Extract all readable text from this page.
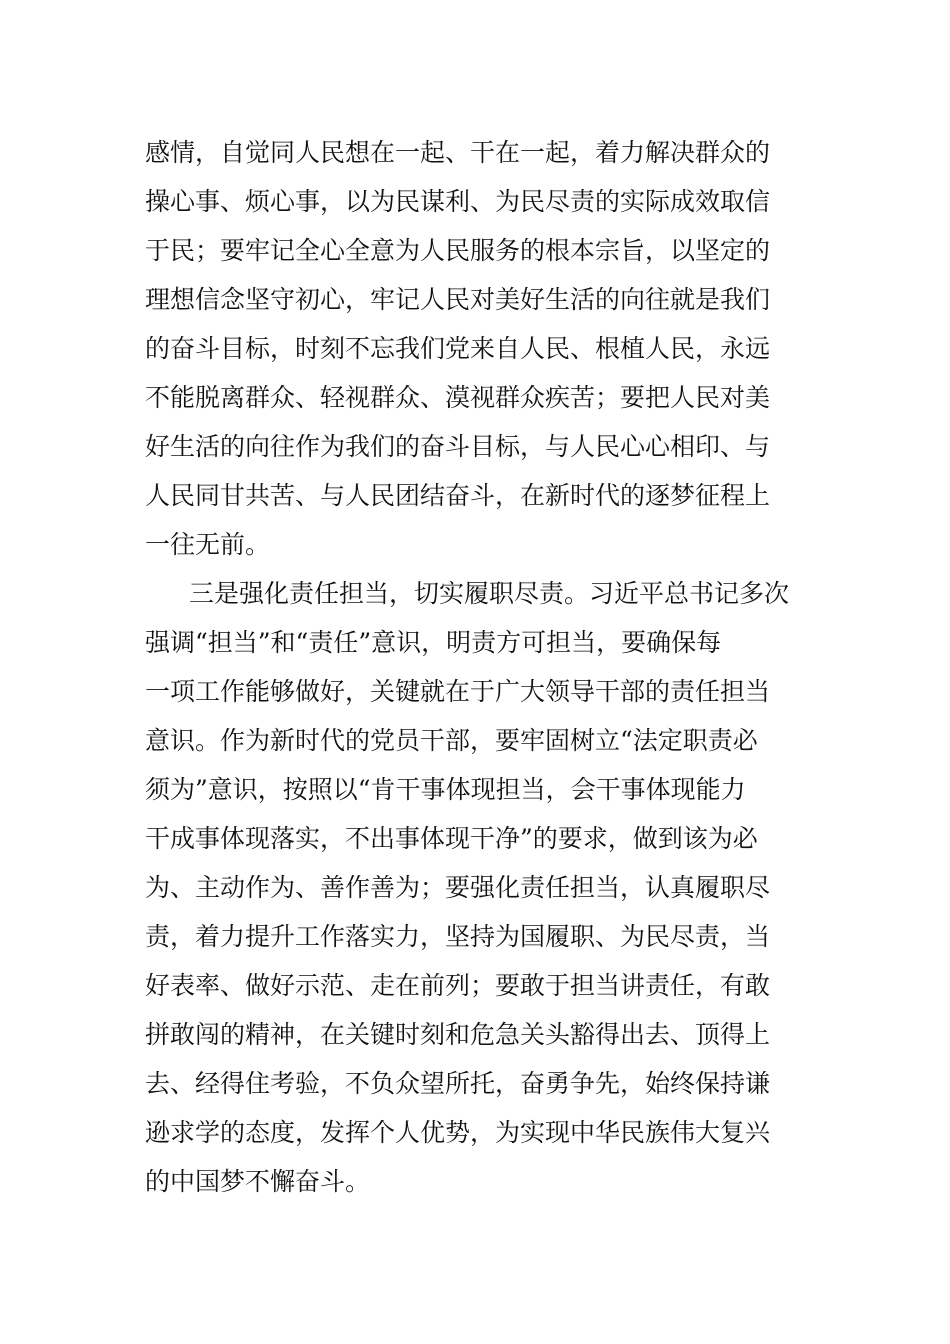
感情，自觉同人民想在一起、干在一起，着力解决群众的
操心事、烦心事，以为民谋利、为民尽责的实际成效取信
于民；要牢记全心全意为人民服务的根本宗旨，以坚定的
理想信念坚守初心，牢记人民对美好生活的向往就是我们
的奋斗目标，时刻不忘我们党来自人民、根植人民，永远
不能脱离群众、轻视群众、漠视群众疾苦；要把人民对美
好生活的向往作为我们的奋斗目标，与人民心心相印、与
人民同甘共苦、与人民团结奋斗，在新时代的逐梦征程上
一往无前。
三是强化责任担当，切实履职尽责。习近平总书记多次
强调“担当”和“责任”意识，明责方可担当，要确保每
一项工作能够做好，关键就在于广大领导干部的责任担当
意识。作为新时代的党员干部，要牢固树立“法定职责必
须为”意识，按照以“肯干事体现担当，会干事体现能力
干成事体现落实，不出事体现干净”的要求，做到该为必
为、主动作为、善作善为；要强化责任担当，认真履职尽
责，着力提升工作落实力，坚持为国履职、为民尽责，当
好表率、做好示范、走在前列；要敢于担当讲责任，有敢
拼敢闯的精神，在关键时刻和危急关头豁得出去、顶得上
去、经得住考验，不负众望所托，奋勇争先，始终保持谦
逊求学的态度，发挥个人优势，为实现中华民族伟大复兴
的中国梦不懈奋斗。
